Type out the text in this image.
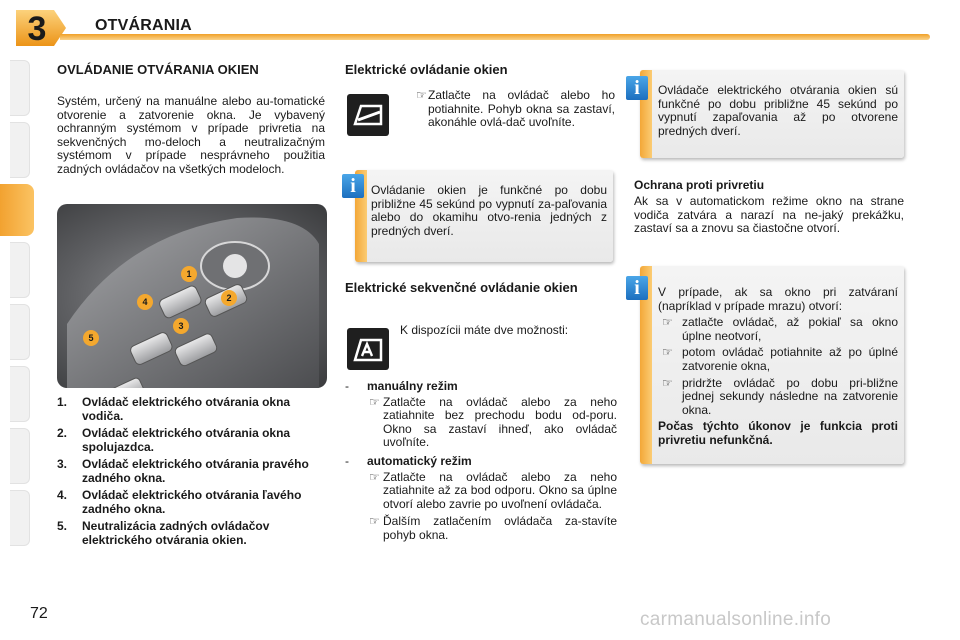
3	OTVÁRANIA
OVLÁDANIE OTVÁRANIA OKIEN

Systém, určený na manuálne alebo au-tomatické otvorenie a zatvorenie okna. Je vybavený ochranným systémom v prípade privretia na sekvenčných mo-deloch a neutralizačným systémom v prípade nesprávneho použitia zadných ovládačov na všetkých modeloch.

1
2
3
4
5
1. Ovládač elektrického otvárania okna vodiča.
2. Ovládač elektrického otvárania okna spolujazdca.
3. Ovládač elektrického otvárania pravého zadného okna.
4. Ovládač elektrického otvárania ľavého zadného okna.
5. Neutralizácia zadných ovládačov elektrického otvárania okien.
Elektrické ovládanie okien
☞ Zatlačte na ovládač alebo ho potiahnite. Pohyb okna sa zastaví, akonáhle ovlá-dač uvoľníte.

Ovládanie okien je funkčné po dobu približne 45 sekúnd po vypnutí za-paľovania alebo do okamihu otvo-renia jedných z predných dverí.

i
Elektrické sekvenčné ovládanie okien
K dispozícii máte dve možnosti:
- manuálny režim
☞ Zatlačte na ovládač alebo za neho zatiahnite bez prechodu bodu od-poru. Okno sa zastaví ihneď, ako ovládač uvoľníte.
- automatický režim
☞ Zatlačte na ovládač alebo za neho zatiahnite až za bod odporu. Okno sa úplne otvorí alebo zavrie po uvoľnení ovládača.
☞ Ďalším zatlačením ovládača za-stavíte pohyb okna.

Ovládače elektrického otvárania okien sú funkčné po dobu približne 45 sekúnd po vypnutí zapaľovania až po otvorene predných dverí.

i
Ochrana proti privretiu

Ak sa v automatickom režime okno na strane vodiča zatvára a narazí na ne-jaký prekážku, zastaví sa a znovu sa čiastočne otvorí.

V prípade, ak sa okno pri zatváraní (napríklad v prípade mrazu) otvorí:
☞ zatlačte ovládač, až pokiaľ sa okno úplne neotvorí,
☞ potom ovládač potiahnite až po úplné zatvorenie okna,
☞ pridržte ovládač po dobu pri-bližne jednej sekundy následne na zatvorenie okna.
Počas týchto úkonov je funkcia proti privretiu nefunkčná.
i
72	carmanualsonline.info
